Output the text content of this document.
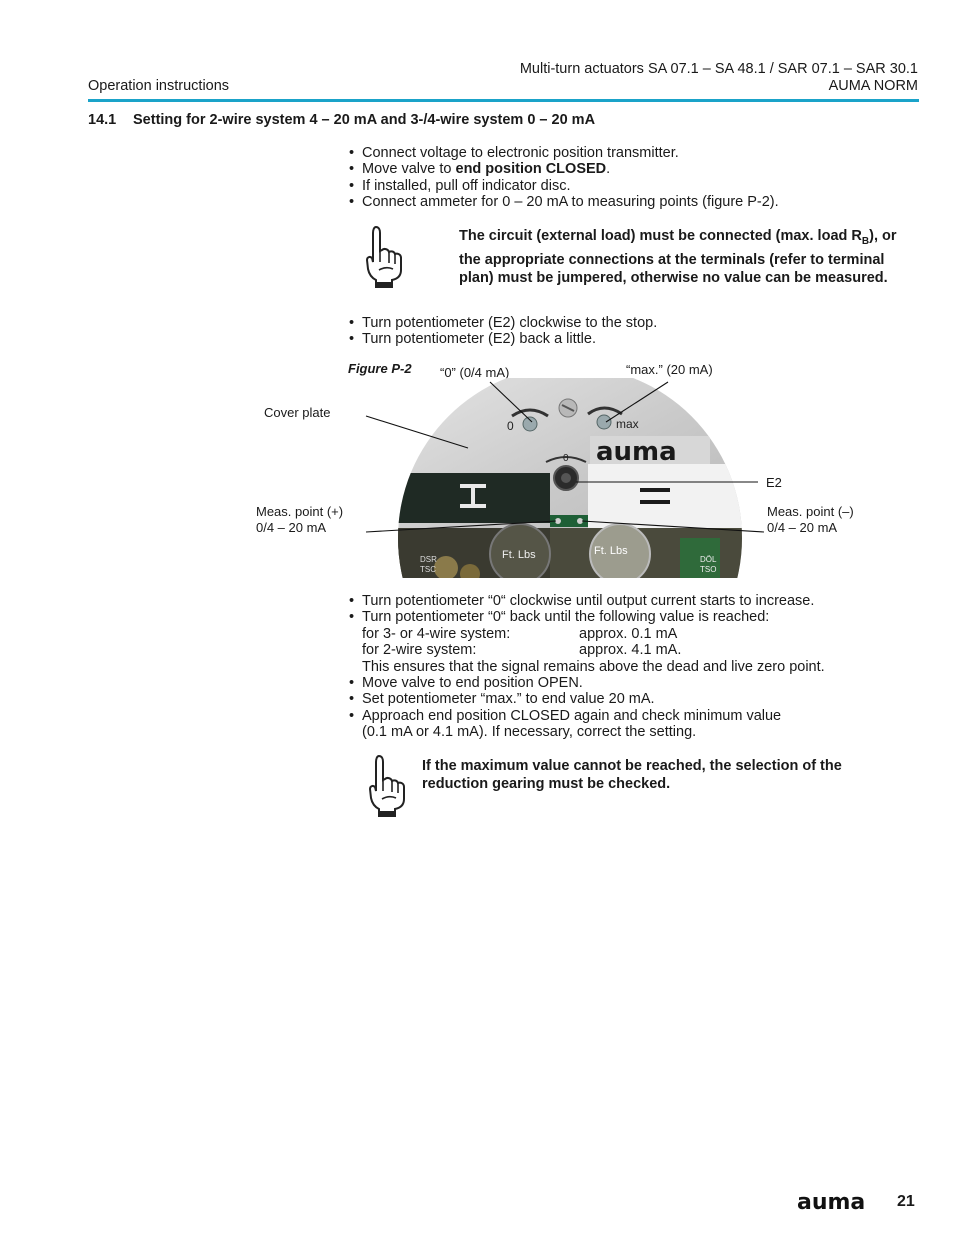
Operation instructions
Multi-turn actuators SA 07.1 – SA 48.1 / SAR 07.1 – SAR 30.1
AUMA NORM
14.1 Setting for 2-wire system 4 – 20 mA and 3-/4-wire system 0 – 20 mA
• Connect voltage to electronic position transmitter.
• Move valve to end position CLOSED.
• If installed, pull off indicator disc.
• Connect ammeter for 0 – 20 mA to measuring points (figure P-2).
The circuit (external load) must be connected (max. load $R_B$), or the appropriate connections at the terminals (refer to terminal plan) must be jumpered, otherwise no value can be measured.
• Turn potentiometer (E2) clockwise to the stop.
• Turn potentiometer (E2) back a little.
Figure P-2 “0” (0/4 mA)	“max.” (20 mA)
Cover plate
E2
Meas. point (+)
0/4 – 20 mA
Meas. point (–)
0/4 – 20 mA
auma
0	max
0
Ft. Lbs	Ft. Lbs
DSR
TSC
DÖL
TSO
• Turn potentiometer “0“ clockwise until output current starts to increase.
• Turn potentiometer “0“ back until the following value is reached:
for 3- or 4-wire system:	approx. 0.1 mA
for 2-wire system:	approx. 4.1 mA.
This ensures that the signal remains above the dead and live zero point.
• Move valve to end position OPEN.
• Set potentiometer “max.” to end value 20 mA.
• Approach end position CLOSED again and check minimum value
(0.1 mA or 4.1 mA). If necessary, correct the setting.
If the maximum value cannot be reached, the selection of the reduction gearing must be checked.
auma 21
